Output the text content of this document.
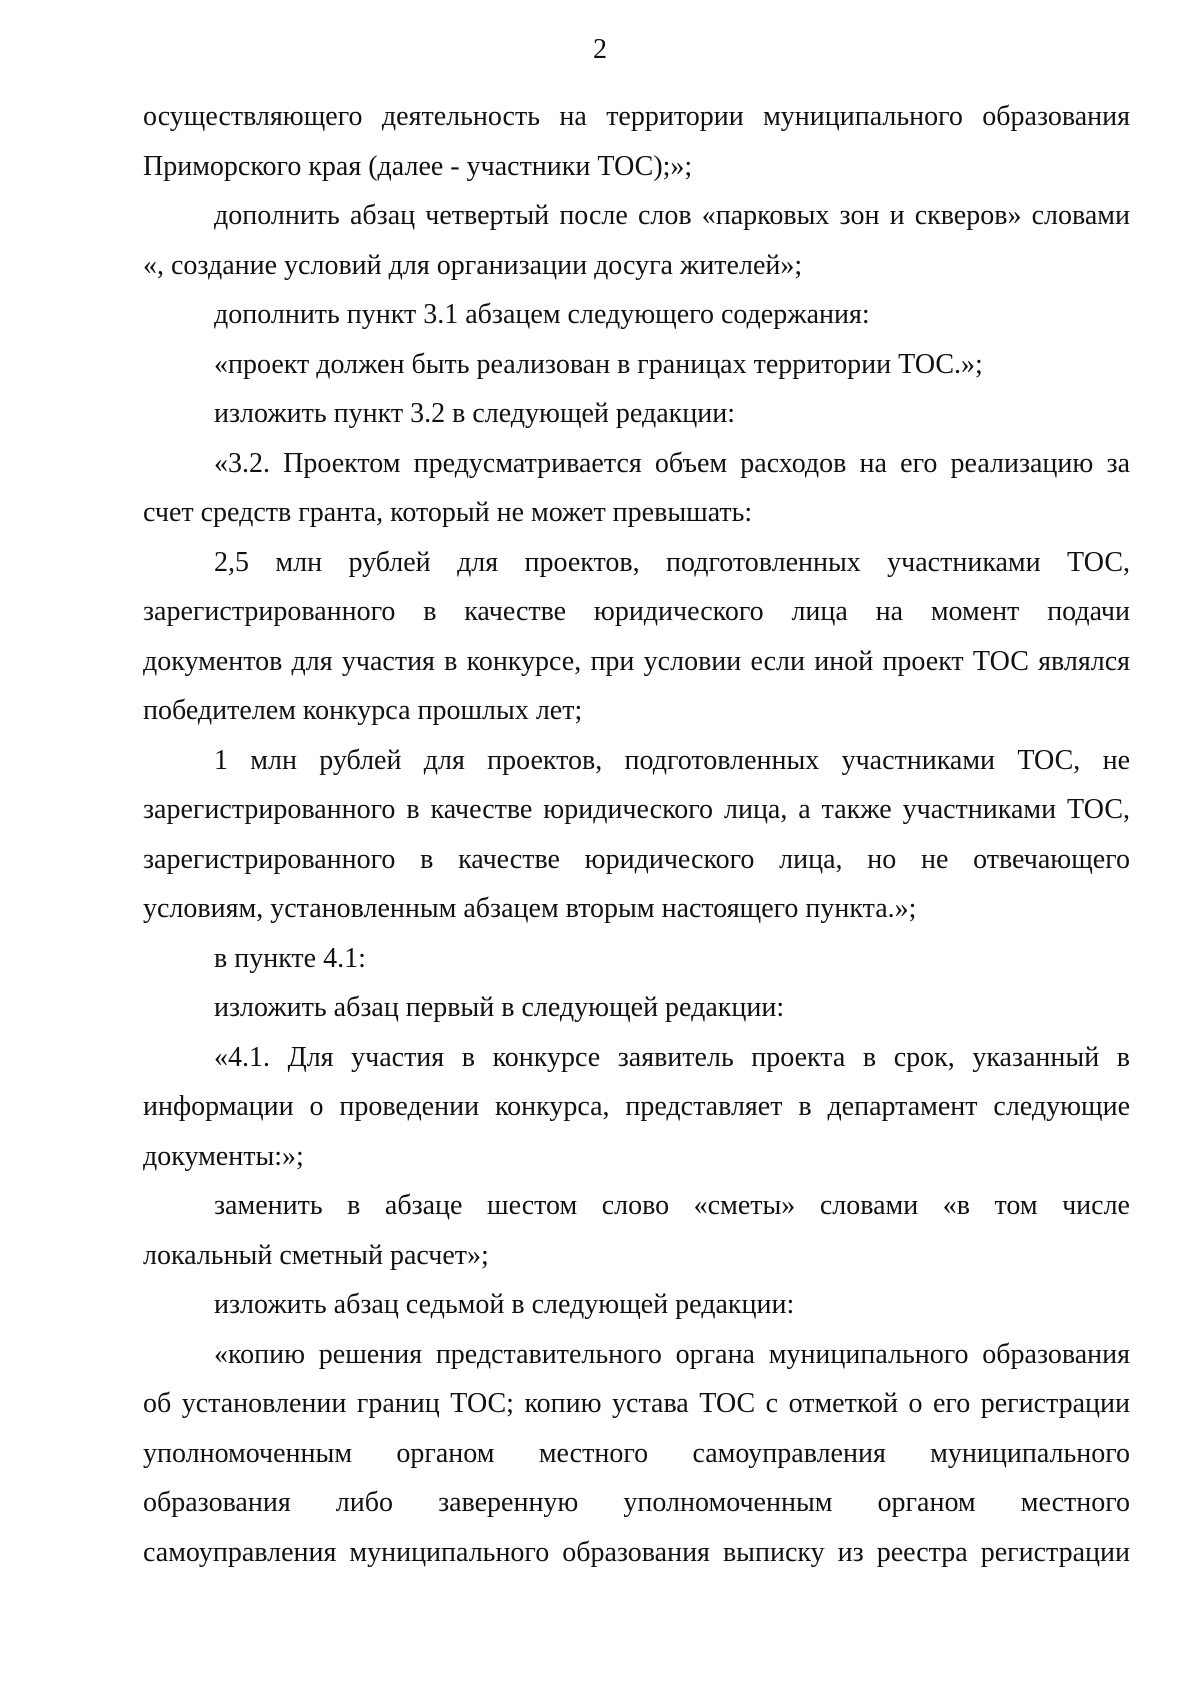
2
осуществляющего деятельность на территории муниципального образования
Приморского края (далее - участники ТОС);»;
дополнить абзац четвертый после слов «парковых зон и скверов» словами
«, создание условий для организации досуга жителей»;
дополнить пункт 3.1 абзацем следующего содержания:
«проект должен быть реализован в границах территории ТОС.»;
изложить пункт 3.2 в следующей редакции:
«3.2. Проектом предусматривается объем расходов на его реализацию за
счет средств гранта, который не может превышать:
2,5 млн рублей для проектов, подготовленных участниками ТОС,
зарегистрированного в качестве юридического лица на момент подачи
документов для участия в конкурсе, при условии если иной проект ТОС являлся
победителем конкурса прошлых лет;
1 млн рублей для проектов, подготовленных участниками ТОС, не
зарегистрированного в качестве юридического лица, а также участниками ТОС,
зарегистрированного в качестве юридического лица, но не отвечающего
условиям, установленным абзацем вторым настоящего пункта.»;
в пункте 4.1:
изложить абзац первый в следующей редакции:
«4.1. Для участия в конкурсе заявитель проекта в срок, указанный в
информации о проведении конкурса, представляет в департамент следующие
документы:»;
заменить в абзаце шестом слово «сметы» словами «в том числе
локальный сметный расчет»;
изложить абзац седьмой в следующей редакции:
«копию решения представительного органа муниципального образования
об установлении границ ТОС; копию устава ТОС с отметкой о его регистрации
уполномоченным органом местного самоуправления муниципального
образования либо заверенную уполномоченным органом местного
самоуправления муниципального образования выписку из реестра регистрации
